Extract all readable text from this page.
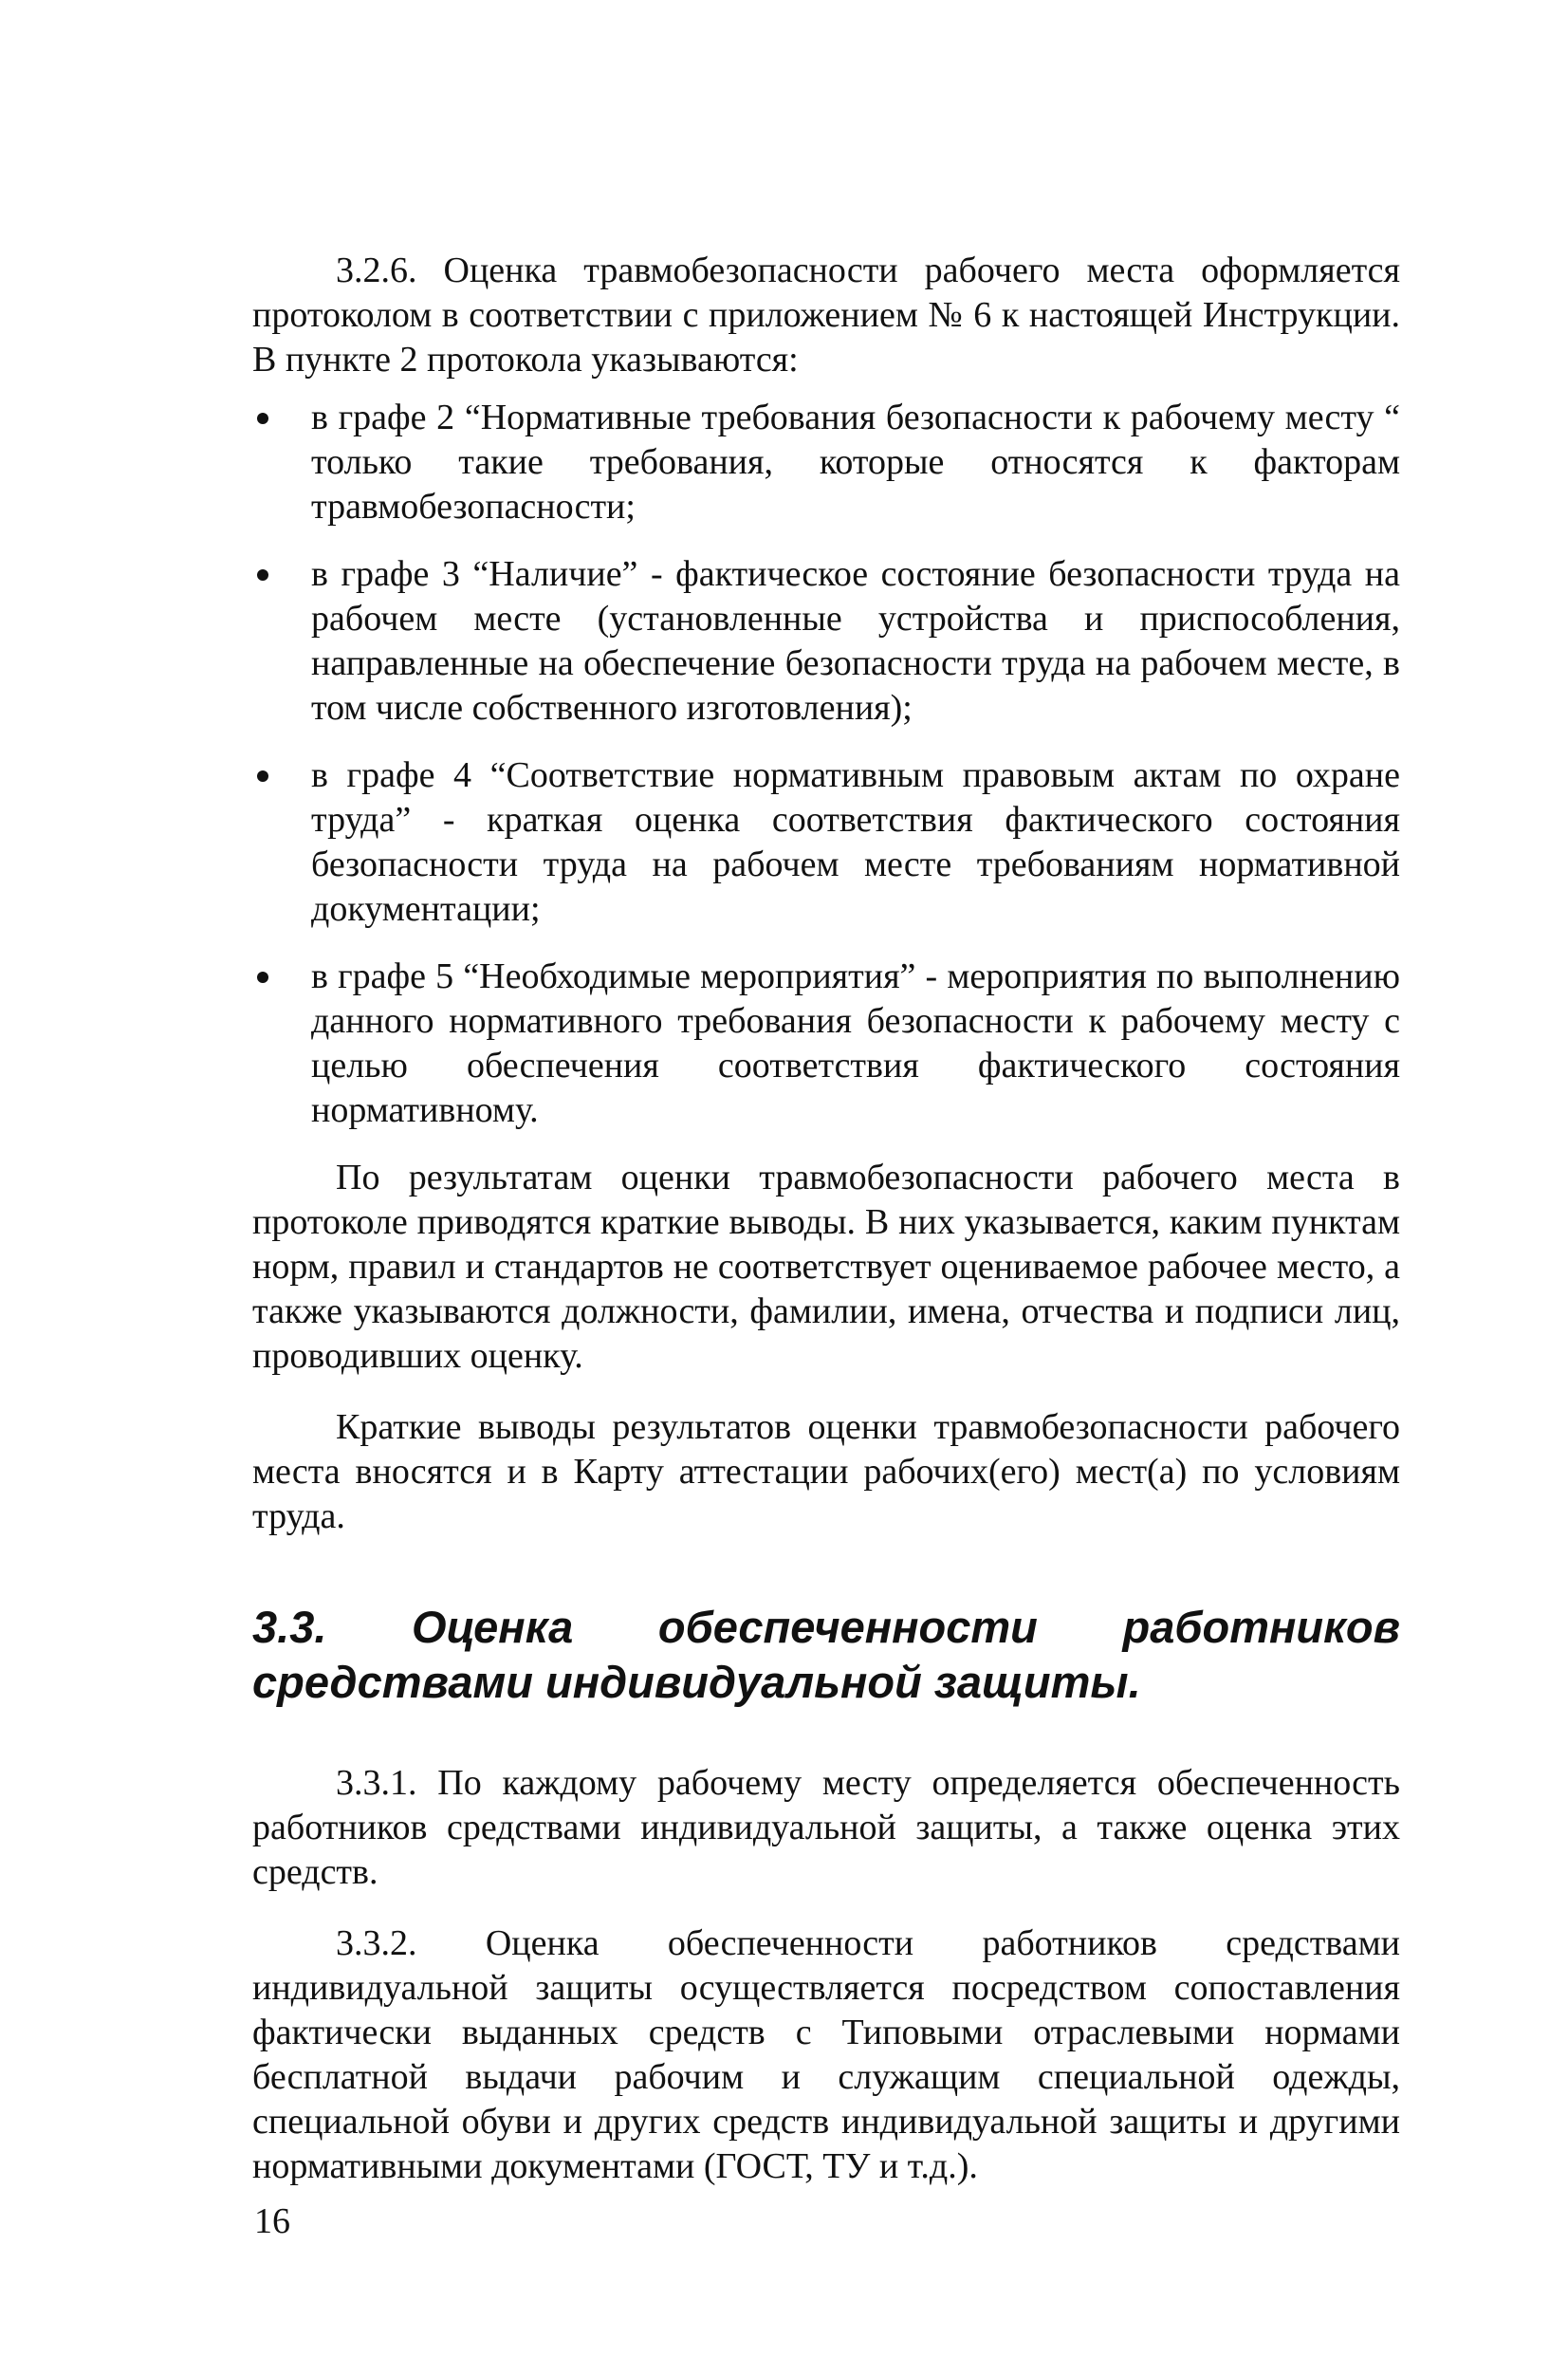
3.2.6. Оценка травмобезопасности рабочего места оформляется протоколом в соответствии с приложением № 6 к настоящей Инструкции. В пункте 2 протокола указываются:

в графе 2 “Нормативные требования безопасности к рабочему месту “ только такие требования, которые относятся к факторам травмобезопасности;
в графе 3 “Наличие” - фактическое состояние безопасности труда на рабочем месте (установленные устройства и приспособления, направленные на обеспечение безопасности труда на рабочем месте, в том числе собственного изготовления);
в графе 4 “Соответствие нормативным правовым актам по охране труда” - краткая оценка соответствия фактического состояния безопасности труда на рабочем месте требованиям нормативной документации;
в графе 5 “Необходимые мероприятия” - мероприятия по выполнению данного нормативного требования безопасности к рабочему месту с целью обеспечения соответствия фактического состояния нормативному.

По результатам оценки травмобезопасности рабочего места в протоколе приводятся краткие выводы. В них указывается, каким пунктам норм, правил и стандартов не соответствует оцениваемое рабочее место, а также указываются должности, фамилии, имена, отчества и подписи лиц, проводивших оценку.

Краткие выводы результатов оценки травмобезопасности рабочего места вносятся и в Карту аттестации рабочих(его) мест(а) по условиям труда.

3.3. Оценка обеспеченности работников средствами индивидуальной защиты.

3.3.1. По каждому рабочему месту определяется обеспеченность работников средствами индивидуальной защиты, а также оценка этих средств.

3.3.2. Оценка обеспеченности работников средствами индивидуальной защиты осуществляется посредством сопоставления фактически выданных средств с Типовыми отраслевыми нормами бесплатной выдачи рабочим и служащим специальной одежды, специальной обуви и других средств индивидуальной защиты и другими нормативными документами (ГОСТ, ТУ и т.д.).

16
